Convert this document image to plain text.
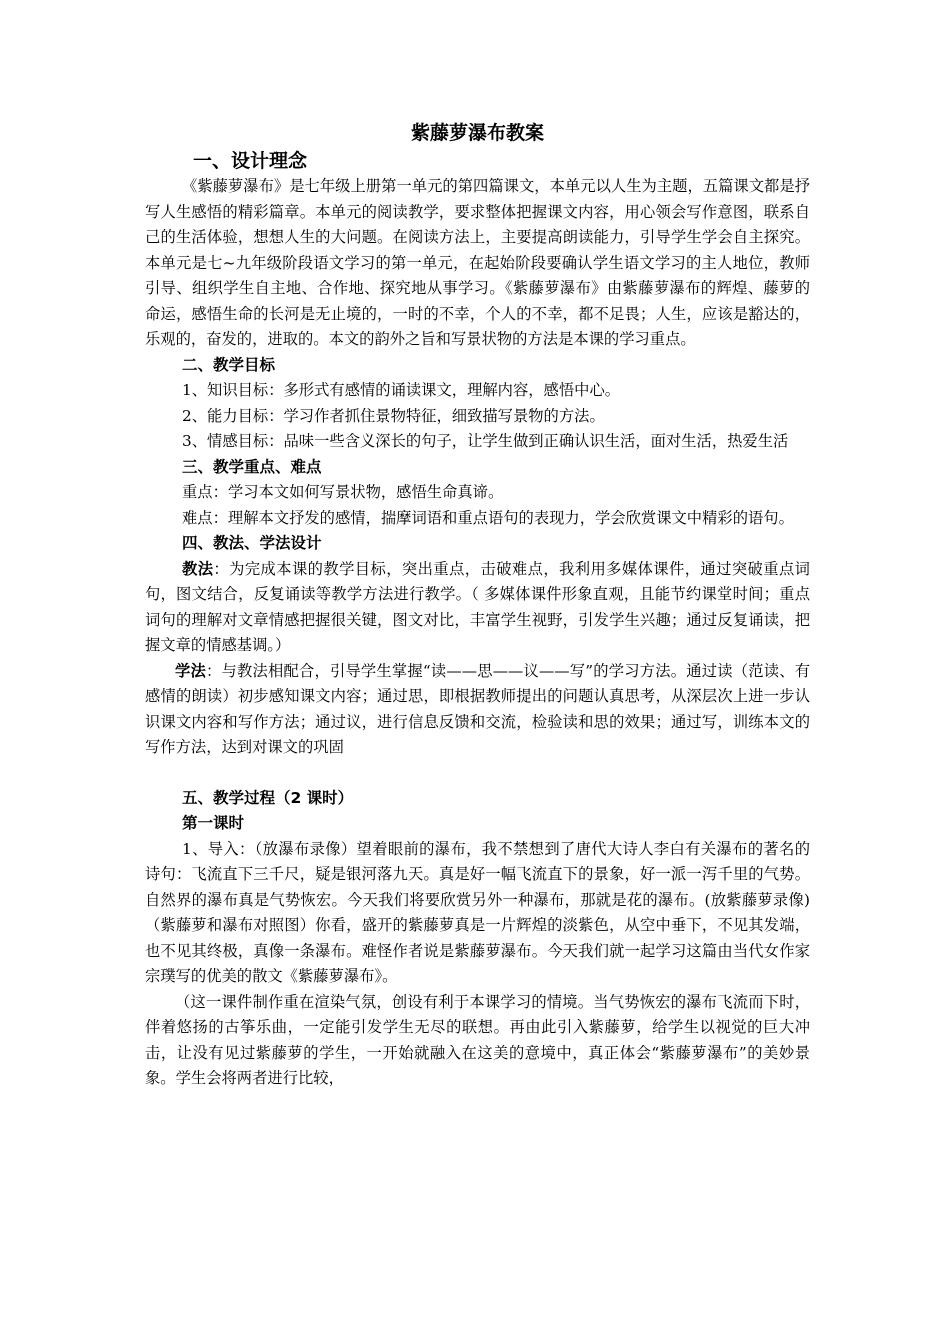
紫藤萝瀑布教案
一、设计理念

《紫藤萝瀑布》是七年级上册第一单元的第四篇课文，本单元以人生为主题，五篇课文都是抒写人生感悟的精彩篇章。本单元的阅读教学，要求整体把握课文内容，用心领会写作意图，联系自己的生活体验，想想人生的大问题。在阅读方法上，主要提高朗读能力，引导学生学会自主探究。本单元是七~九年级阶段语文学习的第一单元，在起始阶段要确认学生语文学习的主人地位，教师引导、组织学生自主地、合作地、探究地从事学习。《紫藤萝瀑布》由紫藤萝瀑布的辉煌、藤萝的命运，感悟生命的长河是无止境的，一时的不幸，个人的不幸，都不足畏；人生，应该是豁达的，乐观的，奋发的，进取的。本文的韵外之旨和写景状物的方法是本课的学习重点。

二、教学目标

1、知识目标：多形式有感情的诵读课文，理解内容，感悟中心。

2、能力目标：学习作者抓住景物特征，细致描写景物的方法。

3、情感目标：品味一些含义深长的句子，让学生做到正确认识生活，面对生活，热爱生活

三、教学重点、难点

重点：学习本文如何写景状物，感悟生命真谛。

难点：理解本文抒发的感情，揣摩词语和重点语句的表现力，学会欣赏课文中精彩的语句。

四、教法、学法设计

教法：为完成本课的教学目标，突出重点，击破难点，我利用多媒体课件，通过突破重点词句，图文结合，反复诵读等教学方法进行教学。（ 多媒体课件形象直观，且能节约课堂时间；重点词句的理解对文章情感把握很关键，图文对比，丰富学生视野，引发学生兴趣；通过反复诵读，把握文章的情感基调。）

学法：与教法相配合，引导学生掌握“读——思——议——写”的学习方法。通过读（范读、有感情的朗读）初步感知课文内容；通过思，即根据教师提出的问题认真思考，从深层次上进一步认识课文内容和写作方法；通过议，进行信息反馈和交流，检验读和思的效果；通过写，训练本文的写作方法，达到对课文的巩固

五、教学过程（2 课时）
第一课时

1、导入：（放瀑布录像）望着眼前的瀑布，我不禁想到了唐代大诗人李白有关瀑布的著名的诗句：飞流直下三千尺，疑是银河落九天。真是好一幅飞流直下的景象，好一派一泻千里的气势。自然界的瀑布真是气势恢宏。今天我们将要欣赏另外一种瀑布，那就是花的瀑布。(放紫藤萝录像)（紫藤萝和瀑布对照图）你看，盛开的紫藤萝真是一片辉煌的淡紫色，从空中垂下，不见其发端，也不见其终极，真像一条瀑布。难怪作者说是紫藤萝瀑布。今天我们就一起学习这篇由当代女作家宗璞写的优美的散文《紫藤萝瀑布》。

（这一课件制作重在渲染气氛，创设有利于本课学习的情境。当气势恢宏的瀑布飞流而下时，伴着悠扬的古筝乐曲，一定能引发学生无尽的联想。再由此引入紫藤萝，给学生以视觉的巨大冲击，让没有见过紫藤萝的学生，一开始就融入在这美的意境中，真正体会“紫藤萝瀑布”的美妙景象。学生会将两者进行比较，
